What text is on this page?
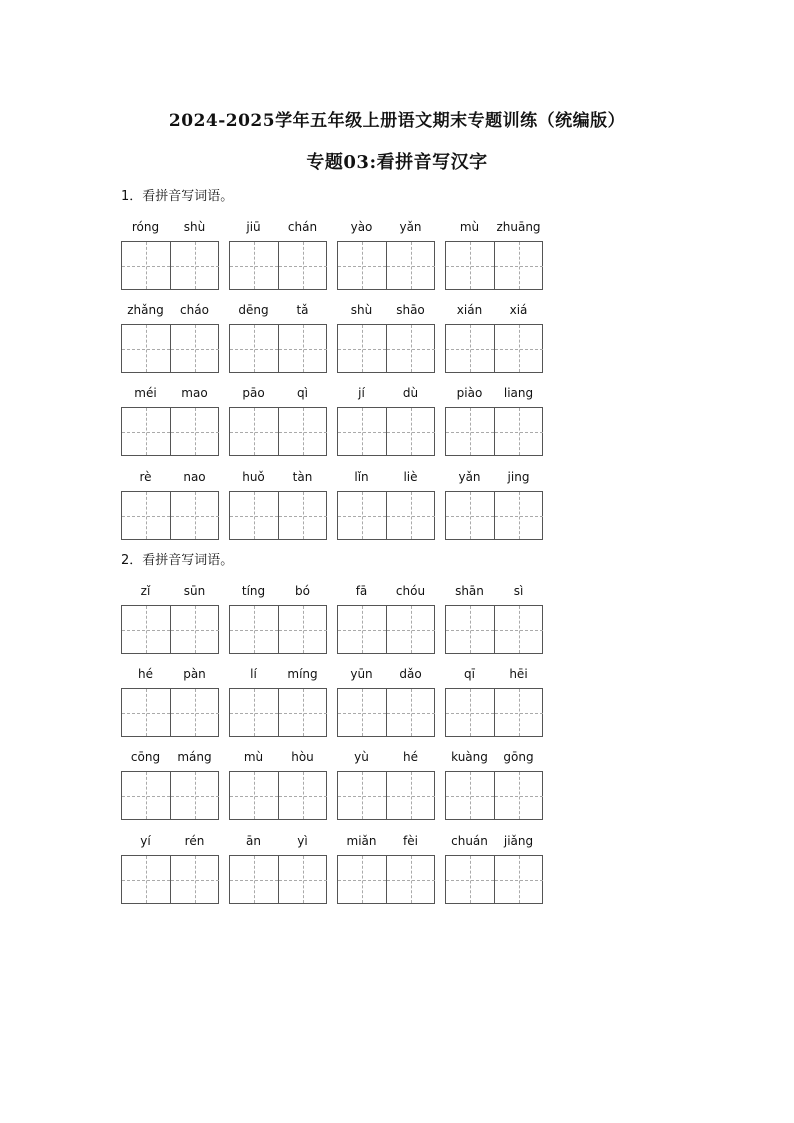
2024-2025学年五年级上册语文期末专题训练（统编版）
专题03:看拼音写汉字
1．看拼音写词语。
róng	shù	jiū	chán	yào	yǎn	mù	zhuāng
zhǎng	cháo	dēng	tǎ	shù	shāo	xián	xiá
méi	mao	pāo	qì	jí	dù	piào	liang
rè	nao	huǒ	tàn	lǐn	liè	yǎn	jing
2．看拼音写词语。
zǐ	sūn	tíng	bó	fā	chóu	shān	sì
hé	pàn	lí	míng	yūn	dǎo	qī	hēi
cōng	máng	mù	hòu	yù	hé	kuàng	gōng
yí	rén	ān	yì	miǎn	fèi	chuán	jiǎng
